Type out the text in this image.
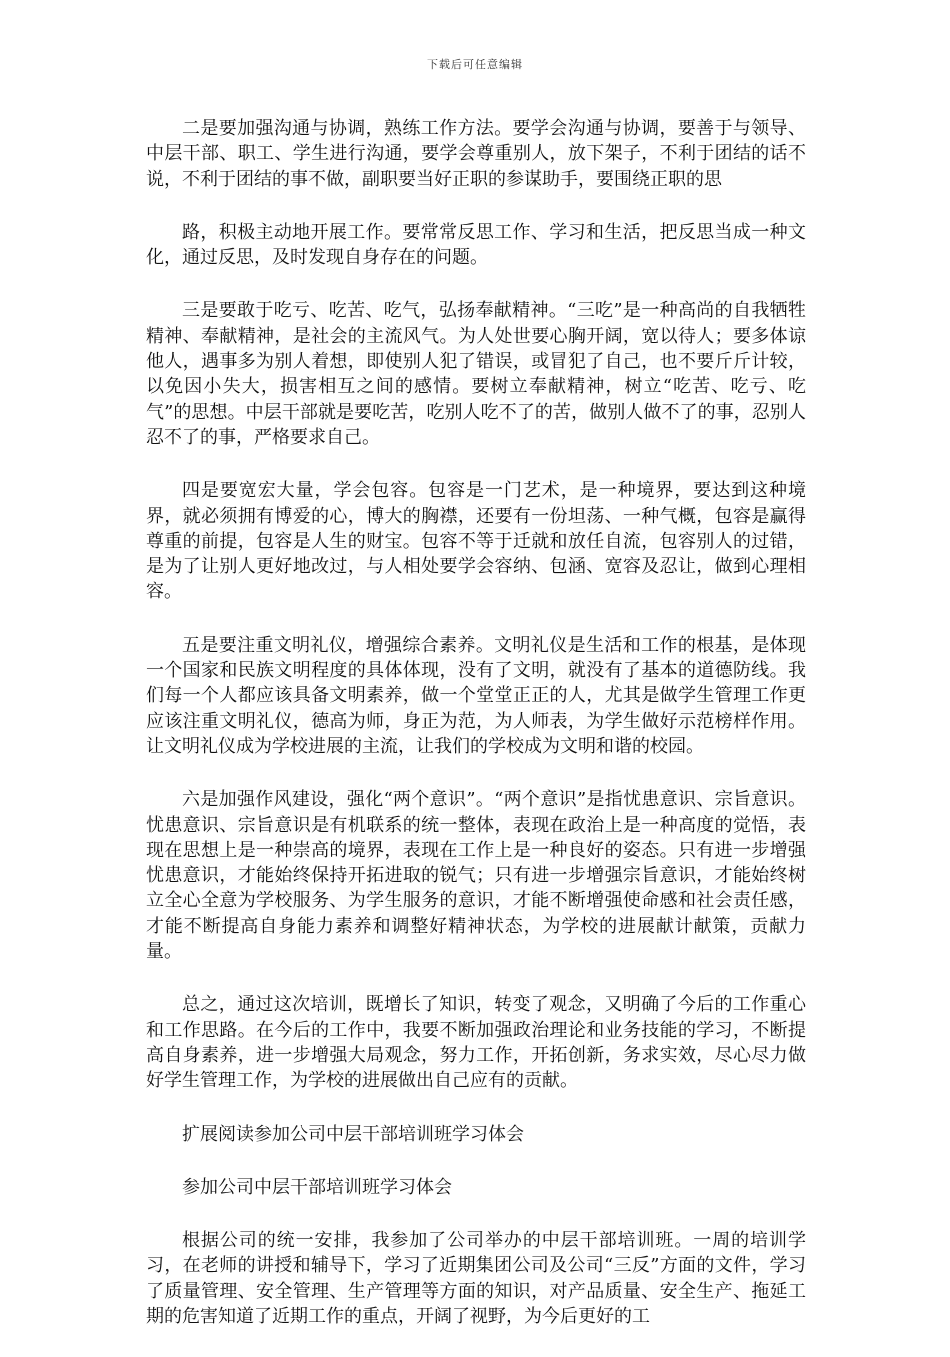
下载后可任意编辑

二是要加强沟通与协调，熟练工作方法。要学会沟通与协调，要善于与领导、中层干部、职工、学生进行沟通，要学会尊重别人，放下架子，不利于团结的话不说，不利于团结的事不做，副职要当好正职的参谋助手，要围绕正职的思

路，积极主动地开展工作。要常常反思工作、学习和生活，把反思当成一种文化，通过反思，及时发现自身存在的问题。

三是要敢于吃亏、吃苦、吃气，弘扬奉献精神。“三吃”是一种高尚的自我牺牲精神、奉献精神，是社会的主流风气。为人处世要心胸开阔，宽以待人；要多体谅他人，遇事多为别人着想，即使别人犯了错误，或冒犯了自己，也不要斤斤计较，以免因小失大，损害相互之间的感情。要树立奉献精神，树立“吃苦、吃亏、吃气”的思想。中层干部就是要吃苦，吃别人吃不了的苦，做别人做不了的事，忍别人忍不了的事，严格要求自己。

四是要宽宏大量，学会包容。包容是一门艺术，是一种境界，要达到这种境界，就必须拥有博爱的心，博大的胸襟，还要有一份坦荡、一种气概，包容是赢得尊重的前提，包容是人生的财宝。包容不等于迁就和放任自流，包容别人的过错，是为了让别人更好地改过，与人相处要学会容纳、包涵、宽容及忍让，做到心理相容。

五是要注重文明礼仪，增强综合素养。文明礼仪是生活和工作的根基，是体现一个国家和民族文明程度的具体体现，没有了文明，就没有了基本的道德防线。我们每一个人都应该具备文明素养，做一个堂堂正正的人，尤其是做学生管理工作更应该注重文明礼仪，德高为师，身正为范，为人师表，为学生做好示范榜样作用。让文明礼仪成为学校进展的主流，让我们的学校成为文明和谐的校园。

六是加强作风建设，强化“两个意识”。“两个意识”是指忧患意识、宗旨意识。忧患意识、宗旨意识是有机联系的统一整体，表现在政治上是一种高度的觉悟，表现在思想上是一种崇高的境界，表现在工作上是一种良好的姿态。只有进一步增强忧患意识，才能始终保持开拓进取的锐气；只有进一步增强宗旨意识，才能始终树立全心全意为学校服务、为学生服务的意识，才能不断增强使命感和社会责任感，才能不断提高自身能力素养和调整好精神状态，为学校的进展献计献策，贡献力量。

总之，通过这次培训，既增长了知识，转变了观念，又明确了今后的工作重心和工作思路。在今后的工作中，我要不断加强政治理论和业务技能的学习，不断提高自身素养，进一步增强大局观念，努力工作，开拓创新，务求实效，尽心尽力做好学生管理工作，为学校的进展做出自己应有的贡献。

扩展阅读参加公司中层干部培训班学习体会

参加公司中层干部培训班学习体会

根据公司的统一安排，我参加了公司举办的中层干部培训班。一周的培训学习，在老师的讲授和辅导下，学习了近期集团公司及公司“三反”方面的文件，学习了质量管理、安全管理、生产管理等方面的知识，对产品质量、安全生产、拖延工期的危害知道了近期工作的重点，开阔了视野，为今后更好的工
